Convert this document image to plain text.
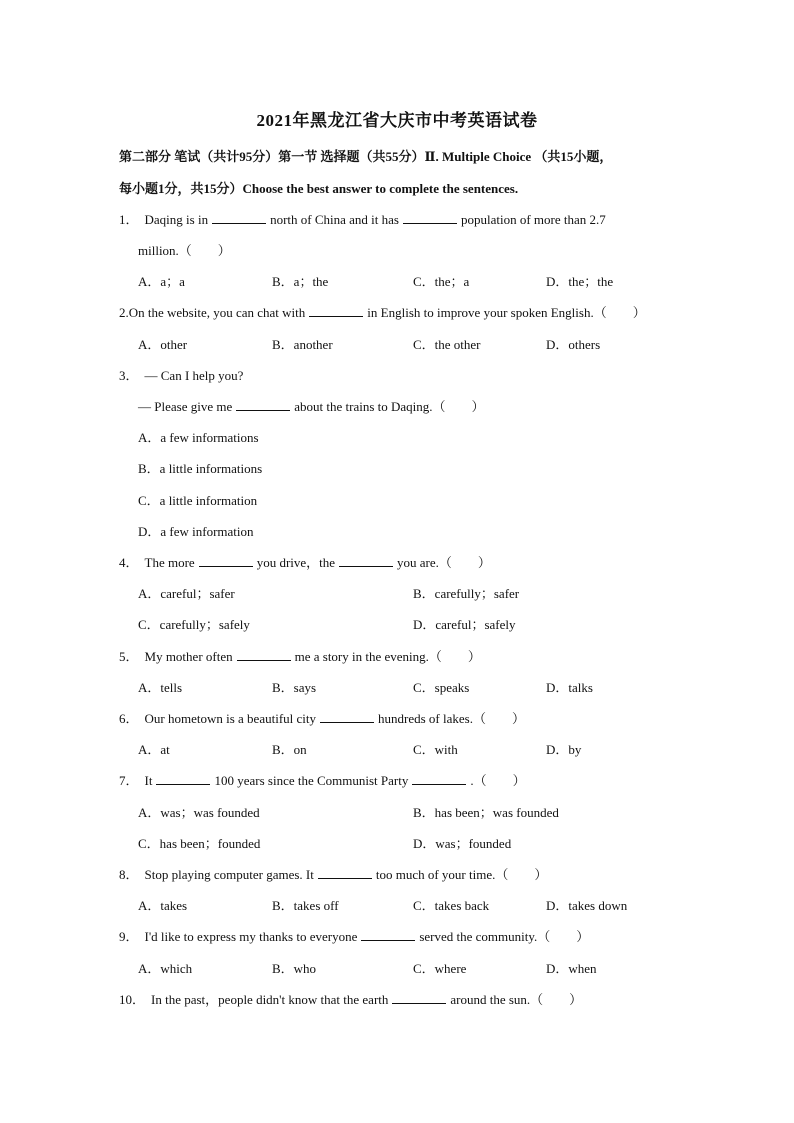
2021年黑龙江省大庆市中考英语试卷
第二部分 笔试（共计95分）第一节 选择题（共55分）Ⅱ. Multiple Choice （共15小题，
每小题1分，共15分）Choose the best answer to complete the sentences.
1． Daqing is in	north of China and it has	population of more than 2.7
million.（　　）
A．a；a	B．a；the	C．the；a	D．the；the
2.On the website, you can chat with	in English to improve your spoken English.（　　）
A．other	B．another	C．the other	D．others
3． — Can I help you?
— Please give me	about the trains to Daqing.（　　）
A．a few informations
B．a little informations
C．a little information
D．a few information
4． The more	you drive，the	you are.（　　）
A．careful；safer	B．carefully；safer
C．carefully；safely	D．careful；safely
5． My mother often	me a story in the evening.（　　）
A．tells	B．says	C．speaks	D．talks
6． Our hometown is a beautiful city	hundreds of lakes.（　　）
A．at	B．on	C．with	D．by
7． It	100 years since the Communist Party	.（　　）
A．was；was founded	B．has been；was founded
C．has been；founded	D．was；founded
8． Stop playing computer games. It	too much of your time.（　　）
A．takes	B．takes off	C．takes back	D．takes down
9． I'd like to express my thanks to everyone	served the community.（　　）
A．which	B．who	C．where	D．when
10． In the past，people didn't know that the earth	around the sun.（　　）
